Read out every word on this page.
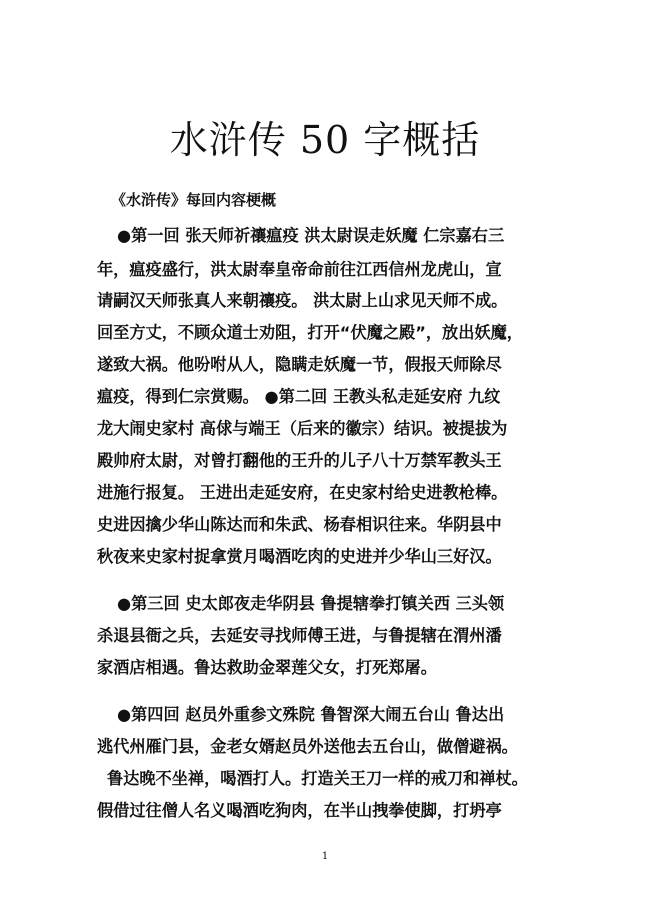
水浒传 50 字概括

《水浒传》每回内容梗概

●第一回 张天师祈禳瘟疫 洪太尉误走妖魔 仁宗嘉右三

年，瘟疫盛行，洪太尉奉皇帝命前往江西信州龙虎山，宣

请嗣汉天师张真人来朝禳疫。 洪太尉上山求见天师不成。

回至方丈，不顾众道士劝阻，打开“伏魔之殿”，放出妖魔，

遂致大祸。他吩咐从人，隐瞒走妖魔一节，假报天师除尽

瘟疫，得到仁宗赏赐。 ●第二回 王教头私走延安府 九纹

龙大闹史家村 高俅与端王（后来的徽宗）结识。被提拔为

殿帅府太尉，对曾打翻他的王升的儿子八十万禁军教头王

进施行报复。 王进出走延安府，在史家村给史进教枪棒。

史进因擒少华山陈达而和朱武、杨春相识往来。华阴县中

秋夜来史家村捉拿赏月喝酒吃肉的史进并少华山三好汉。

●第三回 史太郎夜走华阴县 鲁提辖拳打镇关西 三头领

杀退县衙之兵，去延安寻找师傅王进，与鲁提辖在渭州潘

家酒店相遇。鲁达救助金翠莲父女，打死郑屠。

●第四回 赵员外重参文殊院 鲁智深大闹五台山 鲁达出

逃代州雁门县，金老女婿赵员外送他去五台山，做僧避祸。

鲁达晚不坐禅，喝酒打人。打造关王刀一样的戒刀和禅杖。

假借过往僧人名义喝酒吃狗肉，在半山拽拳使脚，打坍亭

1
